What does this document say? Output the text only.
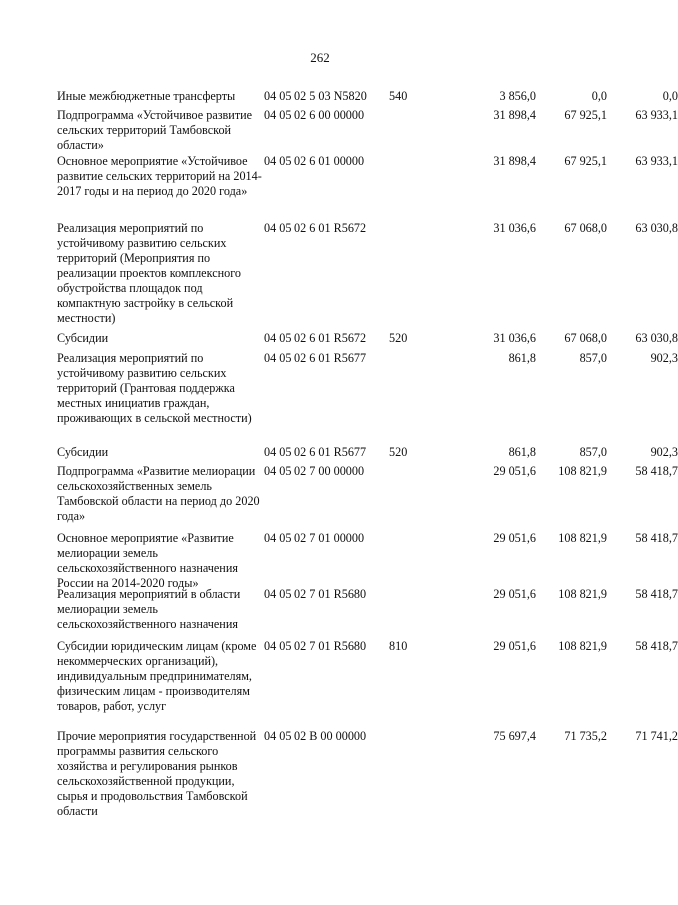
262
Иные межбюджетные трансферты	04 05 02 5 03 N5820 540	3 856,0	0,0	0,0
Подпрограмма «Устойчивое развитие сельских территорий Тамбовской области»
04 05 02 6 00 00000	31 898,4	67 925,1	63 933,1
Основное мероприятие «Устойчивое развитие сельских территорий на 2014-2017 годы и на период до 2020 года»
04 05 02 6 01 00000	31 898,4	67 925,1	63 933,1
Реализация мероприятий по устойчивому развитию сельских территорий (Мероприятия по реализации проектов комплексного обустройства площадок под компактную застройку в сельской местности)
04 05 02 6 01 R5672	31 036,6	67 068,0	63 030,8
Субсидии	04 05 02 6 01 R5672 520	31 036,6	67 068,0	63 030,8
Реализация мероприятий по устойчивому развитию сельских территорий (Грантовая поддержка местных инициатив граждан, проживающих в сельской местности)
04 05 02 6 01 R5677	861,8	857,0	902,3
Субсидии	04 05 02 6 01 R5677 520	861,8	857,0	902,3
Подпрограмма «Развитие мелиорации сельскохозяйственных земель Тамбовской области на период до 2020 года»
04 05 02 7 00 00000	29 051,6	108 821,9	58 418,7
Основное мероприятие «Развитие мелиорации земель сельскохозяйственного назначения России на 2014-2020 годы»
04 05 02 7 01 00000	29 051,6	108 821,9	58 418,7
Реализация мероприятий в области мелиорации земель сельскохозяйственного назначения
04 05 02 7 01 R5680	29 051,6	108 821,9	58 418,7
Субсидии юридическим лицам (кроме некоммерческих организаций), индивидуальным предпринимателям, физическим лицам - производителям товаров, работ, услуг
04 05 02 7 01 R5680 810	29 051,6	108 821,9	58 418,7
Прочие мероприятия государственной программы развития сельского хозяйства и регулирования рынков сельскохозяйственной продукции, сырья и продовольствия Тамбовской области
04 05 02 В 00 00000	75 697,4	71 735,2	71 741,2
